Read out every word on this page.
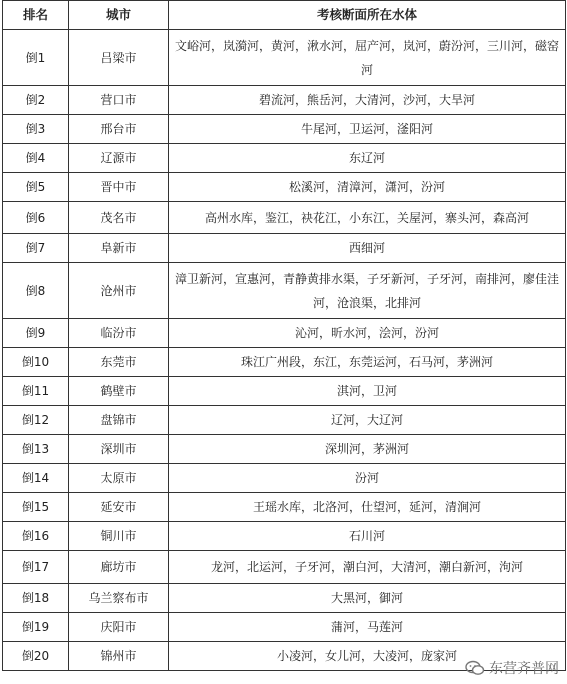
排名	城市	考核断面所在水体
倒1	吕梁市	文峪河，岚漪河，黄河，湫水河，屈产河，岚河，蔚汾河，三川河，磁窑河
倒2	营口市	碧流河，熊岳河，大清河，沙河，大旱河
倒3	邢台市	牛尾河，卫运河，滏阳河
倒4	辽源市	东辽河
倒5	晋中市	松溪河，清漳河，潇河，汾河
倒6	茂名市	高州水库，鉴江，袂花江，小东江，关屋河，寨头河，森高河
倒7	阜新市	西细河
倒8	沧州市	漳卫新河，宣惠河，青静黄排水渠，子牙新河，子牙河，南排河，廖佳洼河，沧浪渠，北排河
倒9	临汾市	沁河，昕水河，浍河，汾河
倒10	东莞市	珠江广州段，东江，东莞运河，石马河，茅洲河
倒11	鹤壁市	淇河，卫河
倒12	盘锦市	辽河，大辽河
倒13	深圳市	深圳河，茅洲河
倒14	太原市	汾河
倒15	延安市	王瑶水库，北洛河，仕望河，延河，清涧河
倒16	铜川市	石川河
倒17	廊坊市	龙河，北运河，子牙河，潮白河，大清河，潮白新河，泃河
倒18	乌兰察布市	大黑河，御河
倒19	庆阳市	蒲河，马莲河
倒20	锦州市	小凌河，女儿河，大凌河，庞家河
东营齐普网
